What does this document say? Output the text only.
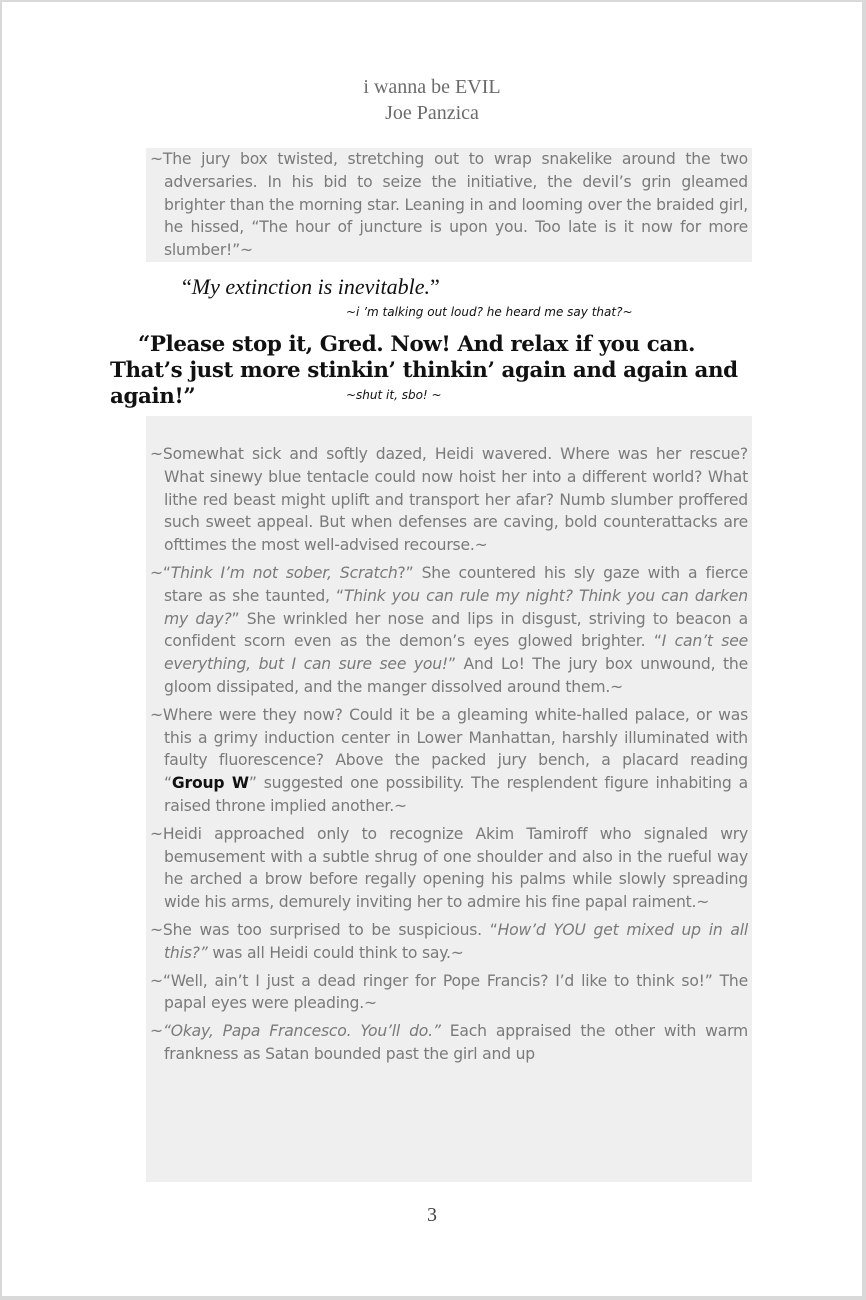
i wanna be EVIL
Joe Panzica

~The jury box twisted, stretching out to wrap snakelike around the two adversaries. In his bid to seize the initiative, the devil’s grin gleamed brighter than the morning star. Leaning in and looming over the braided girl, he hissed, “The hour of juncture is upon you. Too late is it now for more slumber!”~

“My extinction is inevitable.”
~i ’m talking out loud? he heard me say that?~
“Please stop it, Gred. Now! And relax if you can. That’s just more stinkin’ thinkin’ again and again and again!”	~shut it, sbo! ~

~Somewhat sick and softly dazed, Heidi wavered. Where was her rescue? What sinewy blue tentacle could now hoist her into a different world? What lithe red beast might uplift and transport her afar? Numb slumber proffered such sweet appeal. But when defenses are caving, bold counterattacks are ofttimes the most well-advised recourse.~

~“Think I’m not sober, Scratch?” She countered his sly gaze with a fierce stare as she taunted, “Think you can rule my night? Think you can darken my day?” She wrinkled her nose and lips in disgust, striving to beacon a confident scorn even as the demon’s eyes glowed brighter. “I can’t see everything, but I can sure see you!” And Lo! The jury box unwound, the gloom dissipated, and the manger dissolved around them.~

~Where were they now? Could it be a gleaming white-halled palace, or was this a grimy induction center in Lower Manhattan, harshly illuminated with faulty fluorescence? Above the packed jury bench, a placard reading “Group W” suggested one possibility. The resplendent figure inhabiting a raised throne implied another.~

~Heidi approached only to recognize Akim Tamiroff who signaled wry bemusement with a subtle shrug of one shoulder and also in the rueful way he arched a brow before regally opening his palms while slowly spreading wide his arms, demurely inviting her to admire his fine papal raiment.~

~She was too surprised to be suspicious. “How’d YOU get mixed up in all this?” was all Heidi could think to say.~

~“Well, ain’t I just a dead ringer for Pope Francis? I’d like to think so!” The papal eyes were pleading.~

~“Okay, Papa Francesco. You’ll do.” Each appraised the other with warm frankness as Satan bounded past the girl and up

3
